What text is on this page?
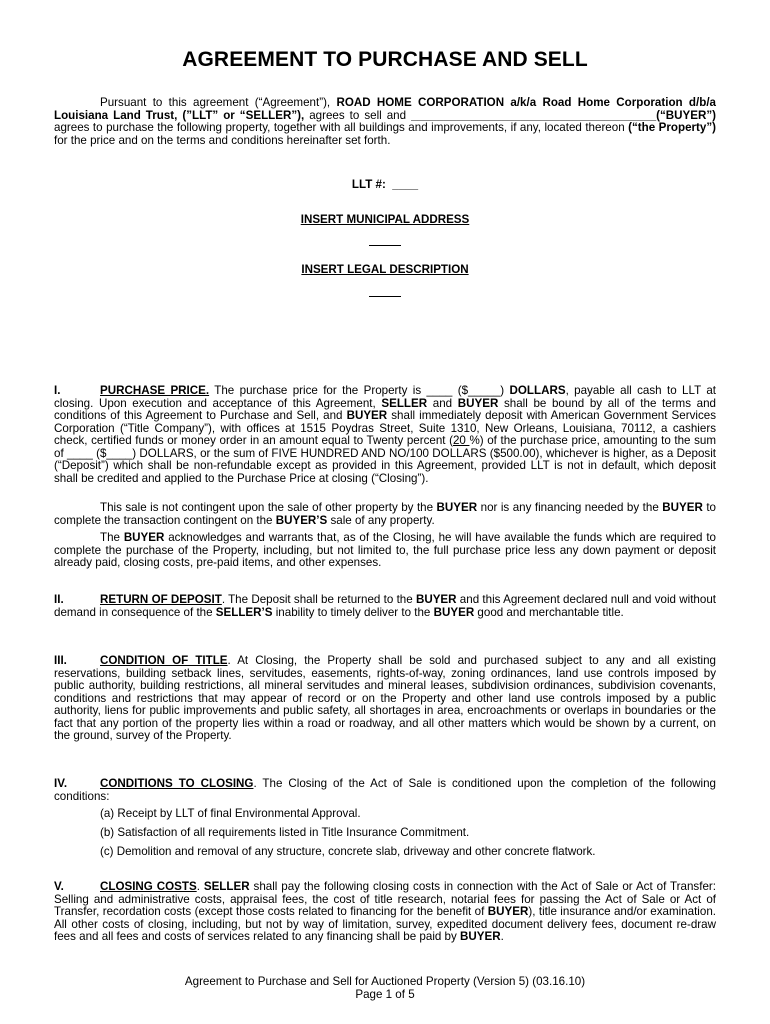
AGREEMENT TO PURCHASE AND SELL
Pursuant to this agreement (“Agreement”), ROAD HOME CORPORATION a/k/a Road Home Corporation d/b/a Louisiana Land Trust, (”LLT” or “SELLER”), agrees to sell and ______________________________________(“BUYER”) agrees to purchase the following property, together with all buildings and improvements, if any, located thereon (“the Property”) for the price and on the terms and conditions hereinafter set forth.
LLT #: ____
INSERT MUNICIPAL ADDRESS
INSERT LEGAL DESCRIPTION
I.	PURCHASE PRICE. The purchase price for the Property is ____ ($_____) DOLLARS, payable all cash to LLT at closing. Upon execution and acceptance of this Agreement, SELLER and BUYER shall be bound by all of the terms and conditions of this Agreement to Purchase and Sell, and BUYER shall immediately deposit with American Government Services Corporation (“Title Company”), with offices at 1515 Poydras Street, Suite 1310, New Orleans, Louisiana, 70112, a cashiers check, certified funds or money order in an amount equal to Twenty percent (20 %) of the purchase price, amounting to the sum of ____ ($____) DOLLARS, or the sum of FIVE HUNDRED AND NO/100 DOLLARS ($500.00), whichever is higher, as a Deposit (“Deposit”) which shall be non-refundable except as provided in this Agreement, provided LLT is not in default, which deposit shall be credited and applied to the Purchase Price at closing (“Closing”).
This sale is not contingent upon the sale of other property by the BUYER nor is any financing needed by the BUYER to complete the transaction contingent on the BUYER’S sale of any property.
The BUYER acknowledges and warrants that, as of the Closing, he will have available the funds which are required to complete the purchase of the Property, including, but not limited to, the full purchase price less any down payment or deposit already paid, closing costs, pre-paid items, and other expenses.
II.	RETURN OF DEPOSIT. The Deposit shall be returned to the BUYER and this Agreement declared null and void without demand in consequence of the SELLER’S inability to timely deliver to the BUYER good and merchantable title.
III.	CONDITION OF TITLE. At Closing, the Property shall be sold and purchased subject to any and all existing reservations, building setback lines, servitudes, easements, rights-of-way, zoning ordinances, land use controls imposed by public authority, building restrictions, all mineral servitudes and mineral leases, subdivision ordinances, subdivision covenants, conditions and restrictions that may appear of record or on the Property and other land use controls imposed by a public authority, liens for public improvements and public safety, all shortages in area, encroachments or overlaps in boundaries or the fact that any portion of the property lies within a road or roadway, and all other matters which would be shown by a current, on the ground, survey of the Property.
IV.	CONDITIONS TO CLOSING. The Closing of the Act of Sale is conditioned upon the completion of the following conditions:
(a) Receipt by LLT of final Environmental Approval.
(b) Satisfaction of all requirements listed in Title Insurance Commitment.
(c) Demolition and removal of any structure, concrete slab, driveway and other concrete flatwork.
V.	CLOSING COSTS. SELLER shall pay the following closing costs in connection with the Act of Sale or Act of Transfer: Selling and administrative costs, appraisal fees, the cost of title research, notarial fees for passing the Act of Sale or Act of Transfer, recordation costs (except those costs related to financing for the benefit of BUYER), title insurance and/or examination. All other costs of closing, including, but not by way of limitation, survey, expedited document delivery fees, document re-draw fees and all fees and costs of services related to any financing shall be paid by BUYER.
Agreement to Purchase and Sell for Auctioned Property (Version 5) (03.16.10)
Page 1 of 5
